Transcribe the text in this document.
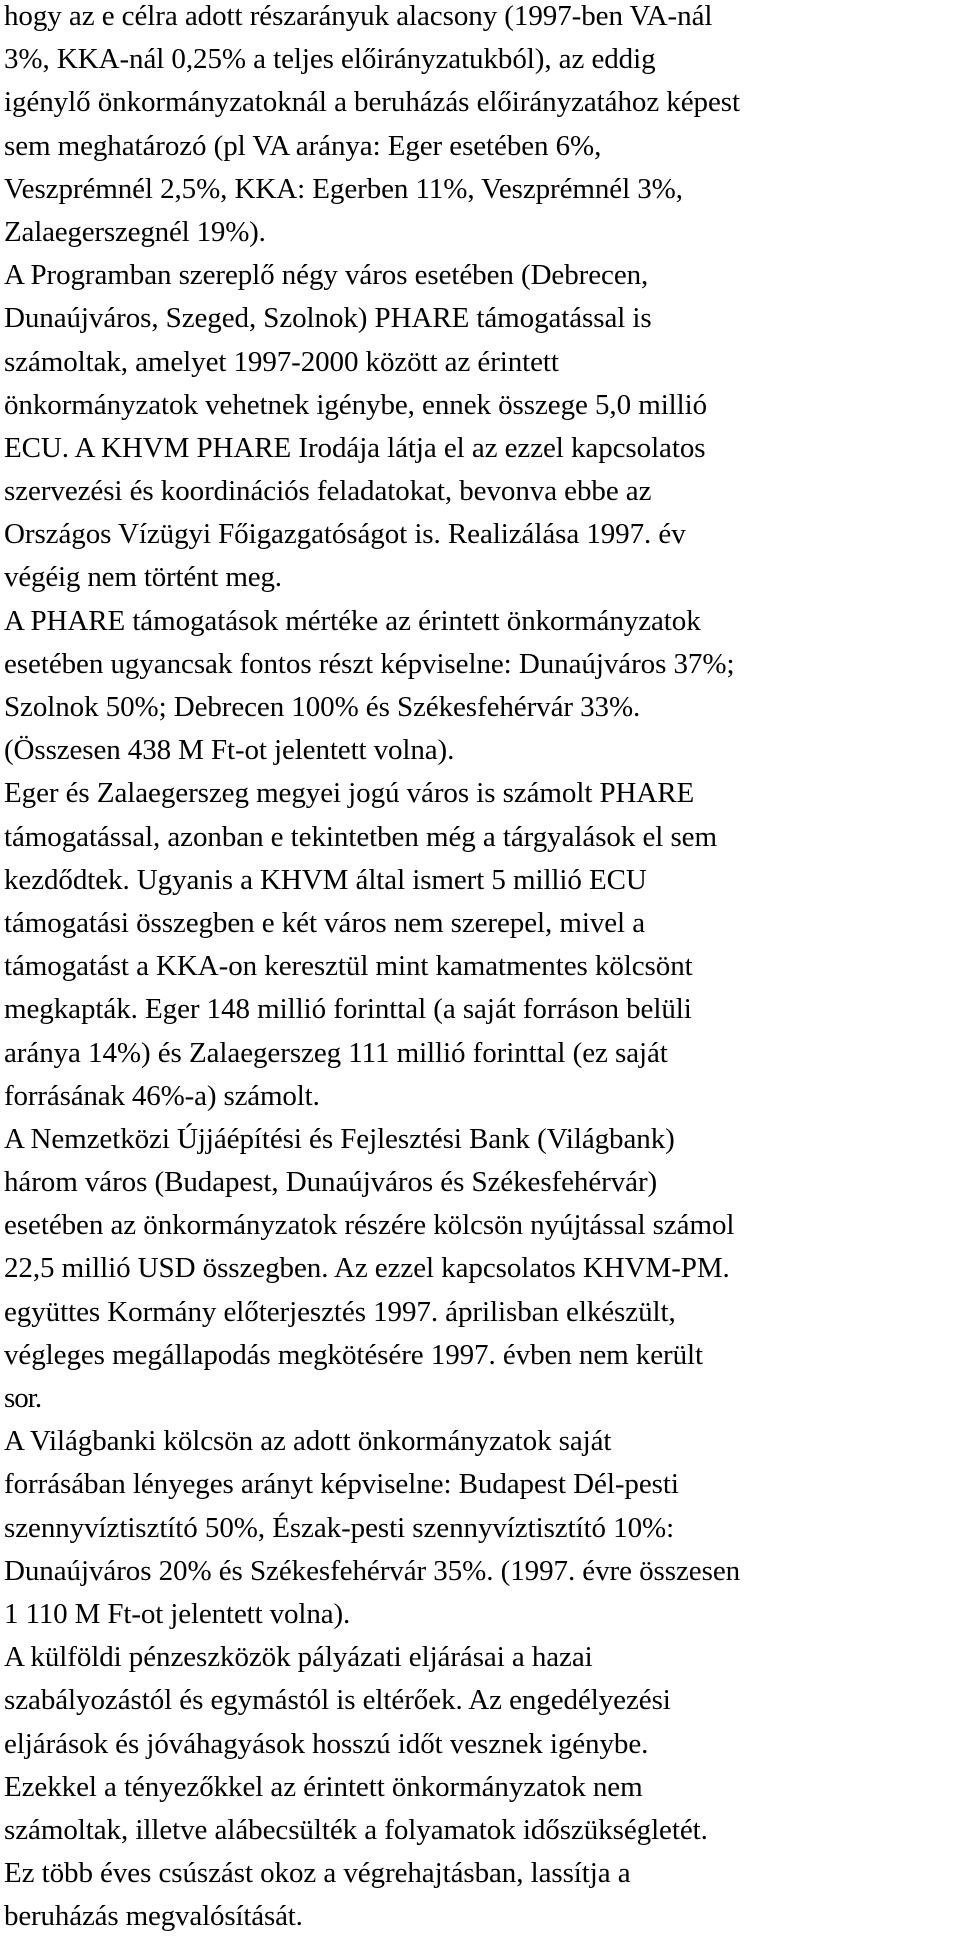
hogy az e célra adott részarányuk alacsony (1997-ben VA-nál
3%, KKA-nál 0,25% a teljes előirányzatukból), az eddig
igénylő önkormányzatoknál a beruházás előirányzatához képest
sem meghatározó (pl VA aránya: Eger esetében 6%,
Veszprémnél 2,5%, KKA: Egerben 11%, Veszprémnél 3%,
Zalaegerszegnél 19%).
A Programban szereplő négy város esetében (Debrecen,
Dunaújváros, Szeged, Szolnok) PHARE támogatással is
számoltak, amelyet 1997-2000 között az érintett
önkormányzatok vehetnek igénybe, ennek összege 5,0 millió
ECU. A KHVM PHARE Irodája látja el az ezzel kapcsolatos
szervezési és koordinációs feladatokat, bevonva ebbe az
Országos Vízügyi Főigazgatóságot is. Realizálása 1997. év
végéig nem történt meg.
A PHARE támogatások mértéke az érintett önkormányzatok
esetében ugyancsak fontos részt képviselne: Dunaújváros 37%;
Szolnok 50%; Debrecen 100% és Székesfehérvár 33%.
(Összesen 438 M Ft-ot jelentett volna).
Eger és Zalaegerszeg megyei jogú város is számolt PHARE
támogatással, azonban e tekintetben még a tárgyalások el sem
kezdődtek. Ugyanis a KHVM által ismert 5 millió ECU
támogatási összegben e két város nem szerepel, mivel a
támogatást a KKA-on keresztül mint kamatmentes kölcsönt
megkapták. Eger 148 millió forinttal (a saját forráson belüli
aránya 14%) és Zalaegerszeg 111 millió forinttal (ez saját
forrásának 46%-a) számolt.
A Nemzetközi Újjáépítési és Fejlesztési Bank (Világbank)
három város (Budapest, Dunaújváros és Székesfehérvár)
esetében az önkormányzatok részére kölcsön nyújtással számol
22,5 millió USD összegben. Az ezzel kapcsolatos KHVM-PM.
együttes Kormány előterjesztés 1997. áprilisban elkészült,
végleges megállapodás megkötésére 1997. évben nem került
sor.
A Világbanki kölcsön az adott önkormányzatok saját
forrásában lényeges arányt képviselne: Budapest Dél-pesti
szennyvíztisztító 50%, Észak-pesti szennyvíztisztító 10%:
Dunaújváros 20% és Székesfehérvár 35%. (1997. évre összesen
1 110 M Ft-ot jelentett volna).
A külföldi pénzeszközök pályázati eljárásai a hazai
szabályozástól és egymástól is eltérőek. Az engedélyezési
eljárások és jóváhagyások hosszú időt vesznek igénybe.
Ezekkel a tényezőkkel az érintett önkormányzatok nem
számoltak, illetve alábecsülték a folyamatok időszükségletét.
Ez több éves csúszást okoz a végrehajtásban, lassítja a
beruházás megvalósítását.
